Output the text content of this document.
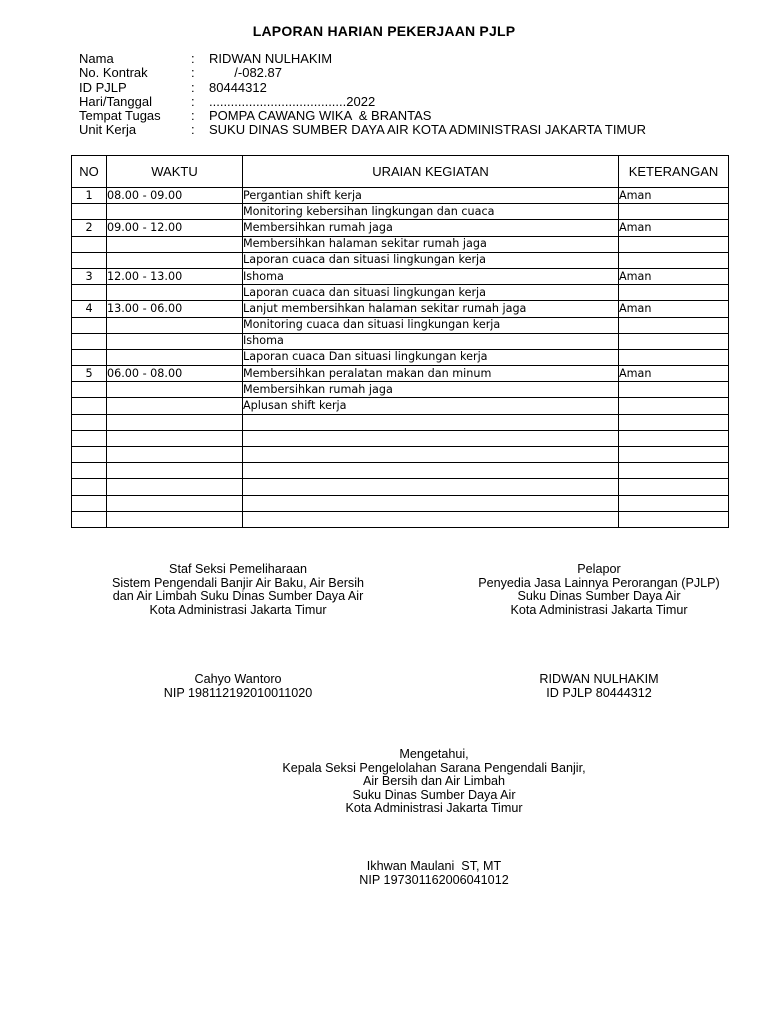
LAPORAN HARIAN PEKERJAAN PJLP
Nama	:	RIDWAN NULHAKIM
No. Kontrak	:	/-082.87
ID PJLP	:	80444312
Hari/Tanggal	:	......................................2022
Tempat Tugas	:	POMPA CAWANG WIKA  & BRANTAS
Unit Kerja	:	SUKU DINAS SUMBER DAYA AIR KOTA ADMINISTRASI JAKARTA TIMUR
NO	WAKTU	URAIAN KEGIATAN	KETERANGAN
1	08.00 - 09.00	Pergantian shift kerja	Aman
		Monitoring kebersihan lingkungan dan cuaca	
2	09.00 - 12.00	Membersihkan rumah jaga	Aman
		Membersihkan halaman sekitar rumah jaga	
		Laporan cuaca dan situasi lingkungan kerja	
3	12.00 - 13.00	Ishoma	Aman
		Laporan cuaca dan situasi lingkungan kerja	
4	13.00 - 06.00	Lanjut membersihkan halaman sekitar rumah jaga	Aman
		Monitoring cuaca dan situasi lingkungan kerja	
		Ishoma	
		Laporan cuaca Dan situasi lingkungan kerja	
5	06.00 - 08.00	Membersihkan peralatan makan dan minum	Aman
		Membersihkan rumah jaga	
		Aplusan shift kerja	

Staf Seksi Pemeliharaan
Sistem Pengendali Banjir Air Baku, Air Bersih
dan Air Limbah Suku Dinas Sumber Daya Air
Kota Administrasi Jakarta Timur
Cahyo Wantoro
NIP 198112192010011020
Pelapor
Penyedia Jasa Lainnya Perorangan (PJLP)
Suku Dinas Sumber Daya Air
Kota Administrasi Jakarta Timur
RIDWAN NULHAKIM
ID PJLP 80444312
Mengetahui,
Kepala Seksi Pengelolahan Sarana Pengendali Banjir,
Air Bersih dan Air Limbah
Suku Dinas Sumber Daya Air
Kota Administrasi Jakarta Timur
Ikhwan Maulani  ST, MT
NIP 197301162006041012
